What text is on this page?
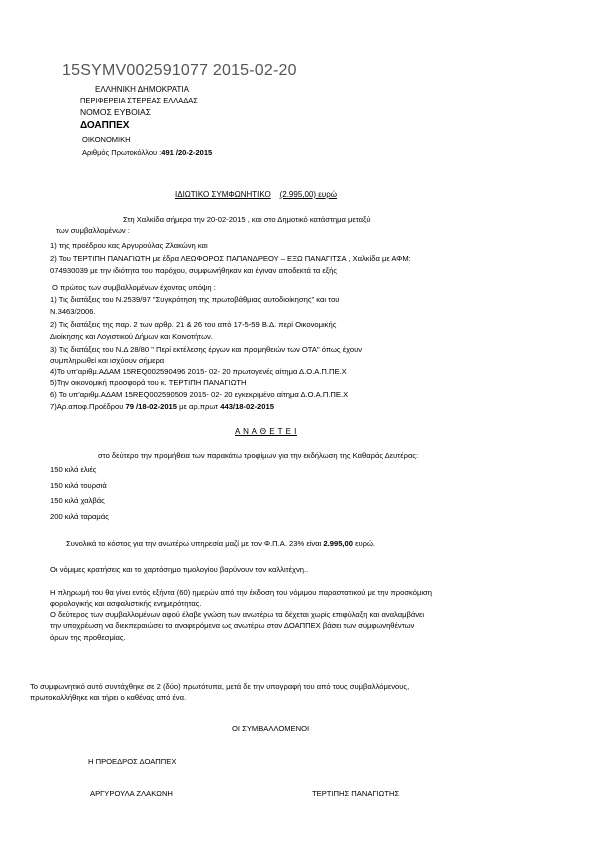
15SYMV002591077 2015-02-20
ΕΛΛΗΝΙΚΗ ΔΗΜΟΚΡΑΤΙΑ
ΠΕΡΙΦΕΡΕΙΑ ΣΤΕΡΕΑΣ ΕΛΛΑΔΑΣ
ΝΟΜΟΣ ΕΥΒΟΙΑΣ
ΔΟΑΠΠΕΧ
ΟΙΚΟΝΟΜΙΚΗ
Αριθμός Πρωτοκόλλου :491 /20-2-2015
ΙΔΙΩΤΙΚΟ ΣΥΜΦΩΝΗΤΙΚΟ (2.995,00) ευρώ
Στη Χαλκίδα σήμερα την 20-02-2015 , και στο Δημοτικό κατάστημα μεταξύ
των συμβαλλομένων :
1) της προέδρου κας Αργυρούλας Ζλακώνη και
2) Του ΤΕΡΤΙΠΗ ΠΑΝΑΓΙΩΤΗ με έδρα ΛΕΩΦΟΡΟΣ ΠΑΠΑΝΔΡΕΟΥ – ΕΞΩ ΠΑΝΑΓΙΤΣΑ , Χαλκίδα με ΑΦΜ:
074930039 με την ιδιότητα του παρόχου, συμφωνήθηκαν και έγιναν αποδεκτά τα εξής
Ο πρώτος των συμβαλλομένων έχοντας υπόψη :
1) Τις διατάξεις του Ν.2539/97 "Συγκρότηση της πρωτοβάθμιας αυτοδιοίκησης" και του
Ν.3463/2006.
2) Τις διατάξεις της παρ. 2 των αρθρ. 21 & 26 του από 17-5-59 Β.Δ. περί Οικονομικής
Διοίκησης και Λογιστικού Δήμων και Κοινοτήτων.
3) Τις διατάξεις του Ν.Δ 28/80 " Περί εκτέλεσης έργων και προμηθειών των ΟΤΑ" όπως έχουν
συμπληρωθεί και ισχύουν σήμερα
4)Το υπ'αριθμ.ΑΔΑΜ 15REQ002590496 2015- 02- 20 πρωτογενές αίτημα Δ.Ο.Α.Π.ΠΕ.Χ
5)Την οικονομική προσφορά του κ. ΤΕΡΤΙΠΗ ΠΑΝΑΓΙΩΤΗ
6) Το υπ'αριθμ.ΑΔΑΜ 15REQ002590509 2015- 02- 20 εγκεκριμένο αίτημα Δ.Ο.Α.Π.ΠΕ.Χ
7)Αρ.αποφ.Προέδρου 79 /18-02-2015 με αρ.πρωτ 443/18-02-2015
Α Ν Α Θ Ε Τ Ε Ι
στο δεύτερο την προμήθεια των παρακάτω τροφίμων για την εκδήλωση της Καθαράς Δευτέρας:
150 κιλά ελιές
150 κιλά τουρσιά
150 κιλά χαλβάς
200 κιλά ταραμάς
Συνολικά το κόστος για την ανωτέρω υπηρεσία μαζί με τον Φ.Π.Α. 23% είναι 2.995,00 ευρώ.
Οι νόμιμες κρατήσεις και το χαρτόσημο τιμολογίου βαρύνουν τον καλλιτέχνη..
Η πληρωμή του θα γίνει εντός εξήντα (60) ημερών από την έκδοση του νόμιμου παραστατικού με την προσκόμιση
φορολογικής και ασφαλιστικής ενημερότητας.
Ο δεύτερος των συμβαλλομένων αφού έλαβε γνώση των ανωτέρω τα δέχεται χωρίς επιφύλαξη και αναλαμβάνει
την υποχρέωση να διεκπεραιώσει τα αναφερόμενα ως ανωτέρω στον ΔΟΑΠΠΕΧ βάσει των συμφωνηθέντων
όρων της προθεσμίας.
Το συμφωνητικό αυτό συντάχθηκε σε 2 (δύο) πρωτότυπα, μετά δε την υπογραφή του από τους συμβαλλόμενους,
πρωτοκολλήθηκε και τήρει ο καθένας από ένα.
ΟΙ ΣΥΜΒΑΛΛΟΜΕΝΟΙ
Η ΠΡΟΕΔΡΟΣ ΔΟΑΠΠΕΧ
ΑΡΓΥΡΟΥΛΑ ΖΛΑΚΩΝΗ	ΤΕΡΤΙΠΗΣ ΠΑΝΑΓΙΩΤΗΣ
